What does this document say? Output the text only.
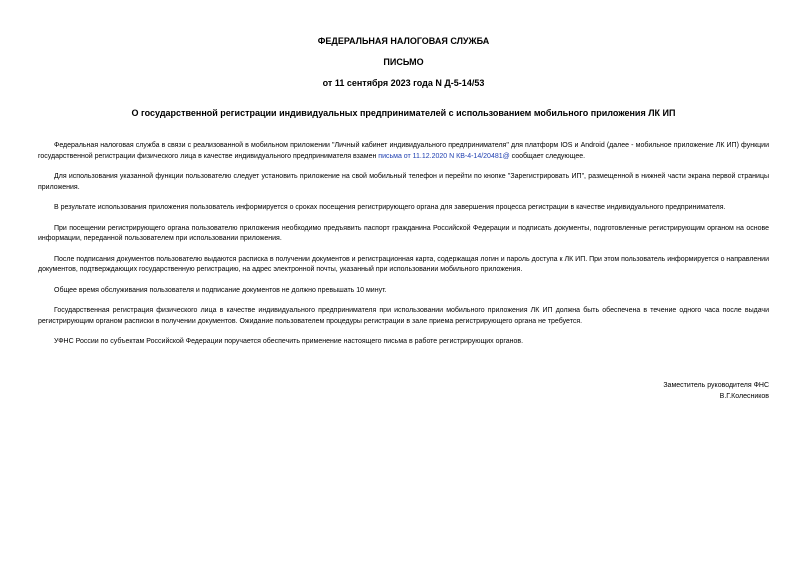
ФЕДЕРАЛЬНАЯ НАЛОГОВАЯ СЛУЖБА
ПИСЬМО
от 11 сентября 2023 года N Д-5-14/53
О государственной регистрации индивидуальных предпринимателей с использованием мобильного приложения ЛК ИП

Федеральная налоговая служба в связи с реализованной в мобильном приложении "Личный кабинет индивидуального предпринимателя" для платформ IOS и Android (далее - мобильное приложение ЛК ИП) функции государственной регистрации физического лица в качестве индивидуального предпринимателя взамен письма от 11.12.2020 N КВ-4-14/20481@ сообщает следующее.

Для использования указанной функции пользователю следует установить приложение на свой мобильный телефон и перейти по кнопке "Зарегистрировать ИП", размещенной в нижней части экрана первой страницы приложения.

В результате использования приложения пользователь информируется о сроках посещения регистрирующего органа для завершения процесса регистрации в качестве индивидуального предпринимателя.

При посещении регистрирующего органа пользователю приложения необходимо предъявить паспорт гражданина Российской Федерации и подписать документы, подготовленные регистрирующим органом на основе информации, переданной пользователем при использовании приложения.

После подписания документов пользователю выдаются расписка в получении документов и регистрационная карта, содержащая логин и пароль доступа к ЛК ИП. При этом пользователь информируется о направлении документов, подтверждающих государственную регистрацию, на адрес электронной почты, указанный при использовании мобильного приложения.

Общее время обслуживания пользователя и подписание документов не должно превышать 10 минут.

Государственная регистрация физического лица в качестве индивидуального предпринимателя при использовании мобильного приложения ЛК ИП должна быть обеспечена в течение одного часа после выдачи регистрирующим органом расписки в получении документов. Ожидание пользователем процедуры регистрации в зале приема регистрирующего органа не требуется.

УФНС России по субъектам Российской Федерации поручается обеспечить применение настоящего письма в работе регистрирующих органов.

Заместитель руководителя ФНС
В.Г.Колесников
